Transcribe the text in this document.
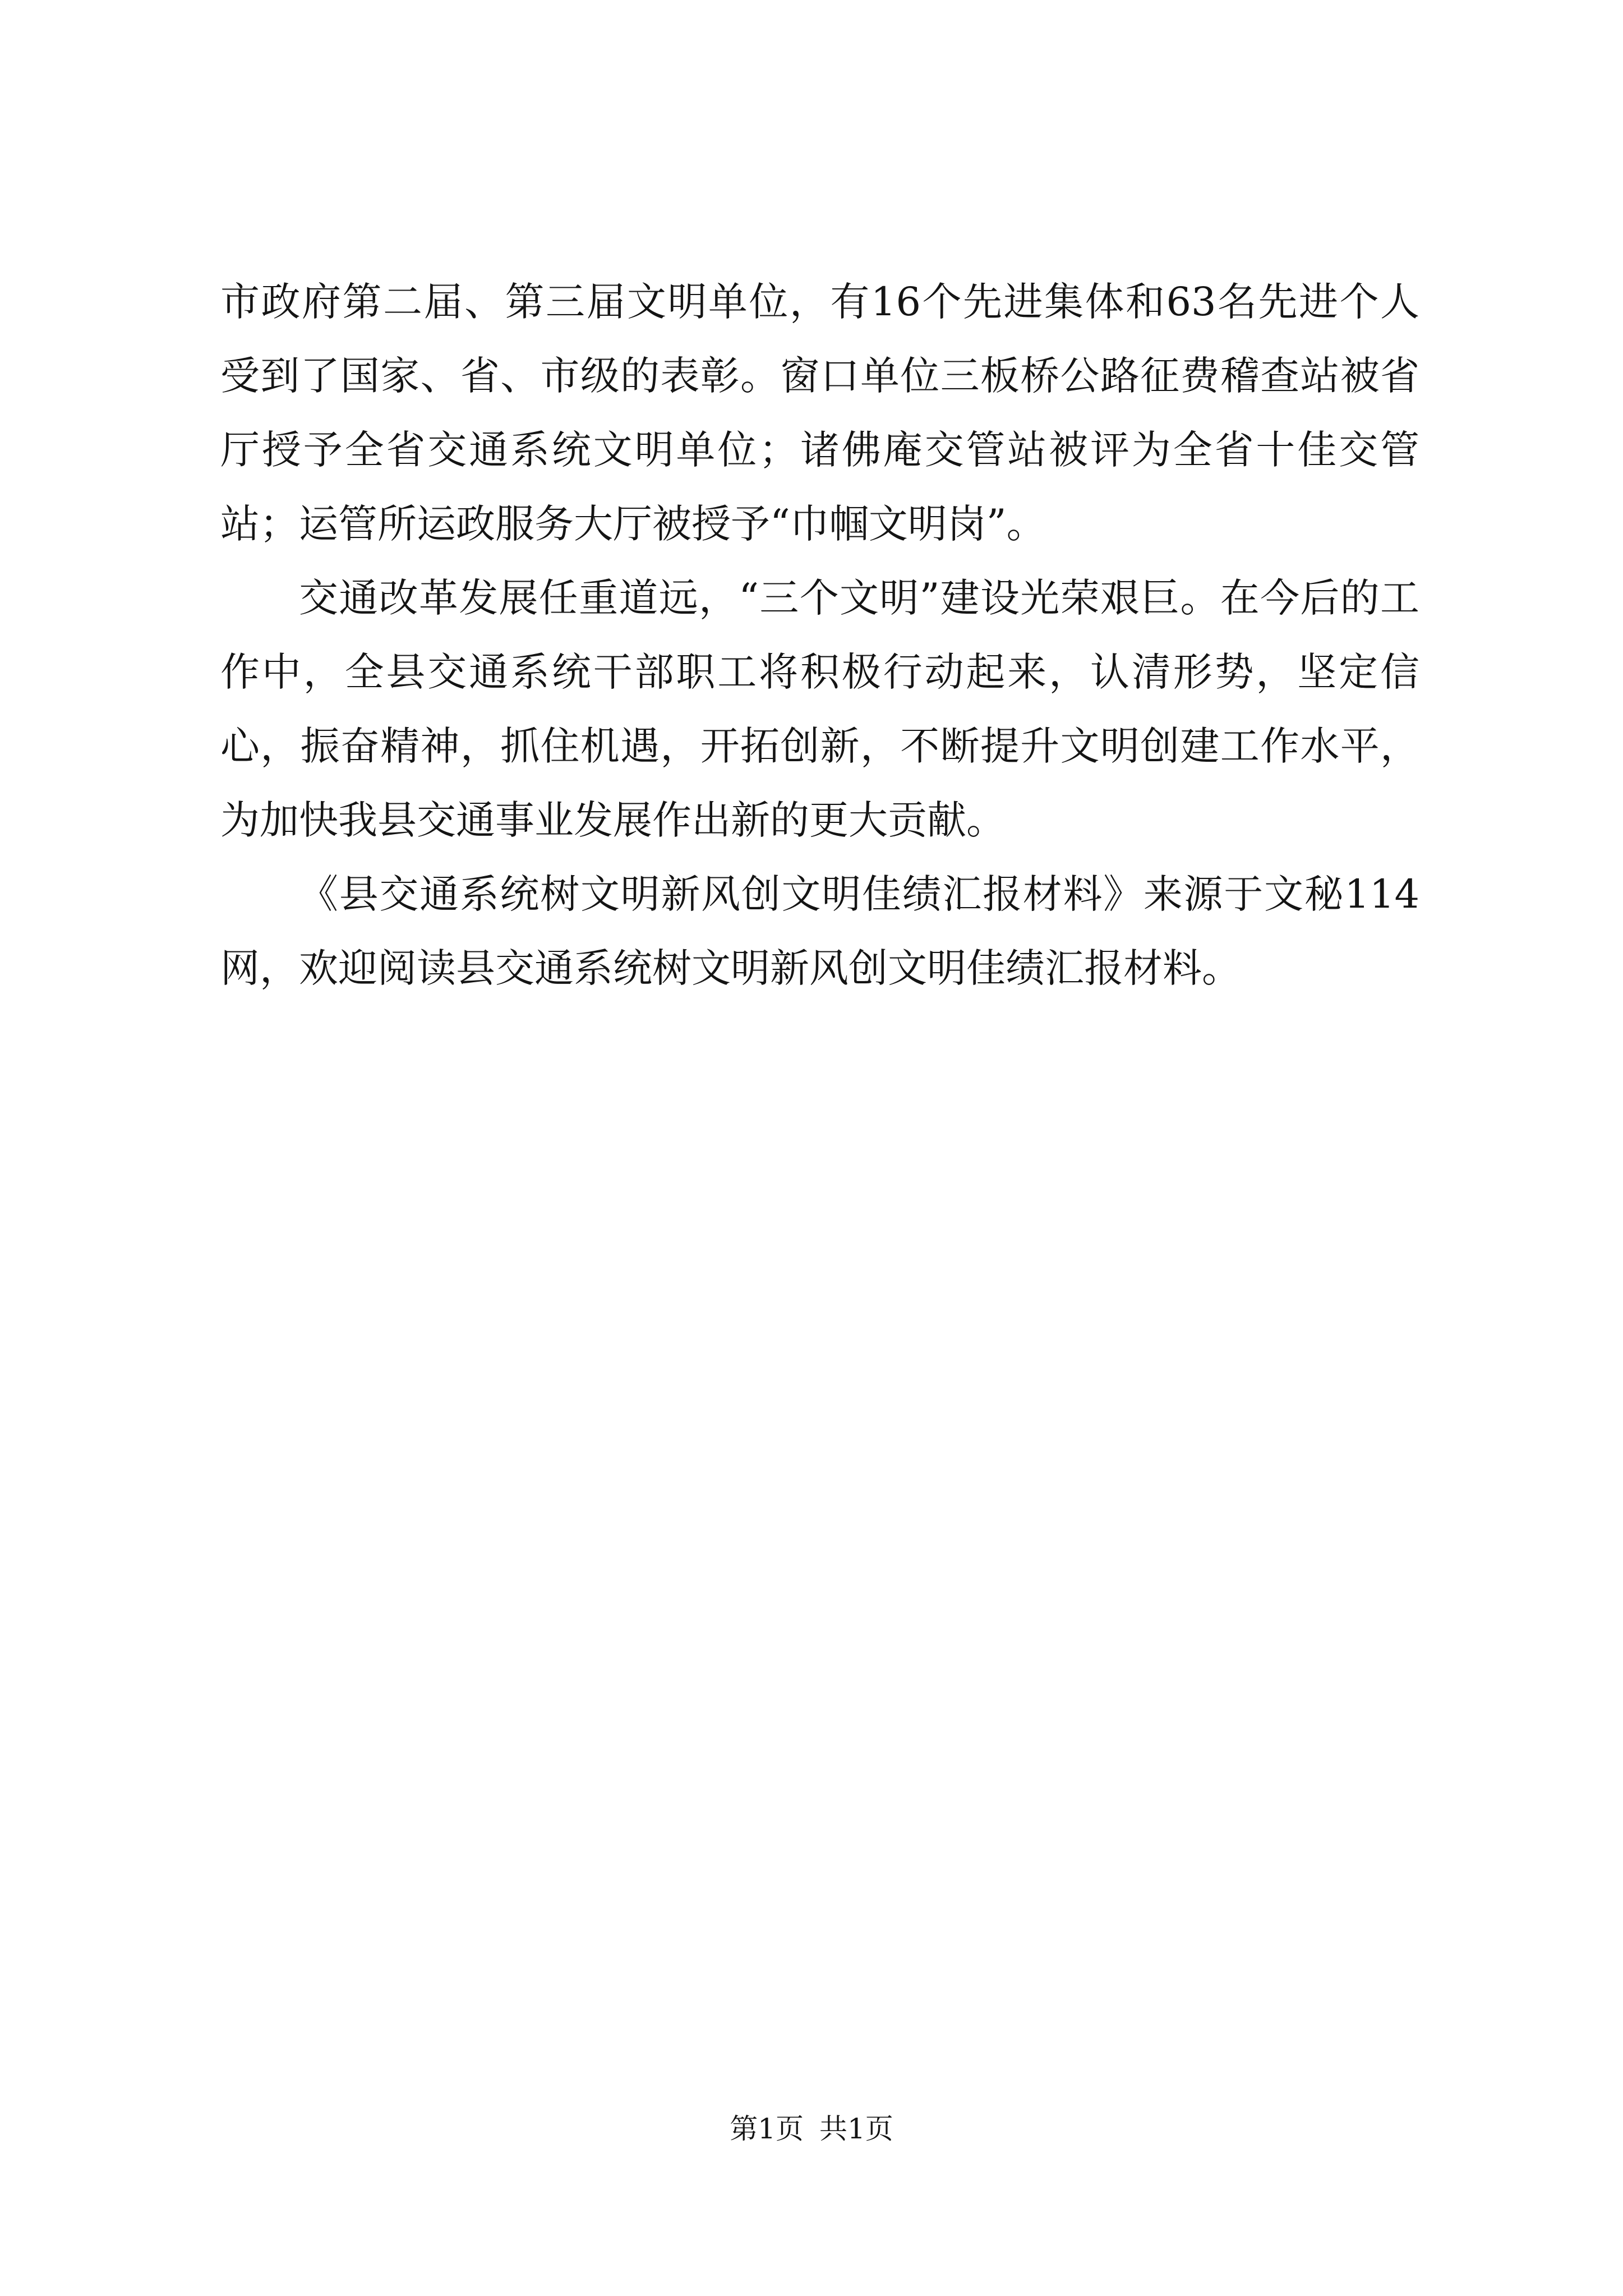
市政府第二届、第三届文明单位，有16个先进集体和63名先进个人受到了国家、省、市级的表彰。窗口单位三板桥公路征费稽查站被省厅授予全省交通系统文明单位；诸佛庵交管站被评为全省十佳交管站；运管所运政服务大厅被授予“巾帼文明岗”。

交通改革发展任重道远，“三个文明”建设光荣艰巨。在今后的工作中，全县交通系统干部职工将积极行动起来，认清形势，坚定信心，振奋精神，抓住机遇，开拓创新，不断提升文明创建工作水平，为加快我县交通事业发展作出新的更大贡献。

《县交通系统树文明新风创文明佳绩汇报材料》来源于文秘114网，欢迎阅读县交通系统树文明新风创文明佳绩汇报材料。

第1页 共1页
